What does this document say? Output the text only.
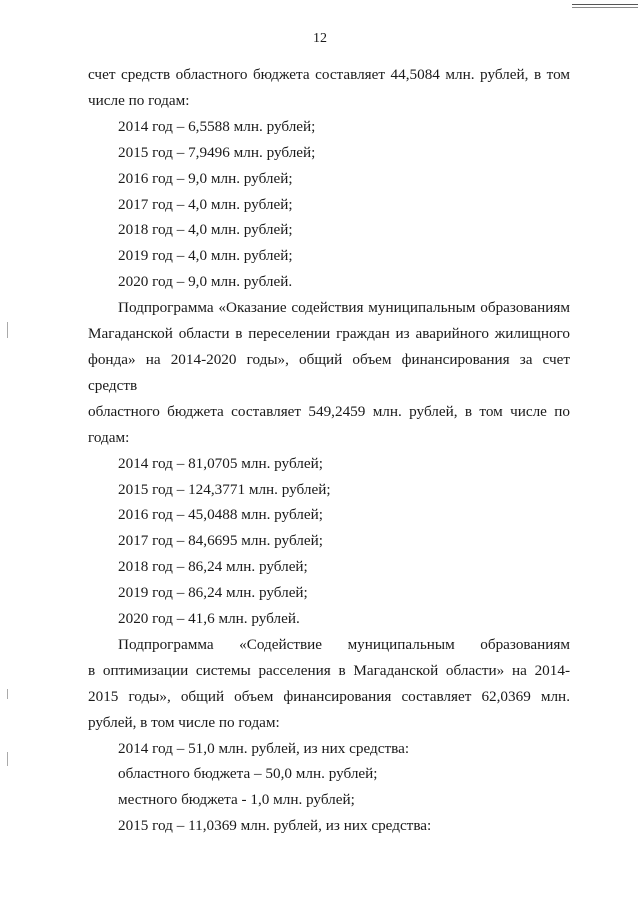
12
счет средств областного бюджета составляет 44,5084 млн. рублей, в том
числе по годам:
2014 год – 6,5588 млн. рублей;
2015 год – 7,9496 млн. рублей;
2016 год – 9,0 млн. рублей;
2017 год – 4,0 млн. рублей;
2018 год – 4,0 млн. рублей;
2019 год – 4,0 млн. рублей;
2020 год – 9,0 млн. рублей.
Подпрограмма «Оказание содействия муниципальным образованиям
Магаданской области в переселении граждан из аварийного жилищного
фонда» на 2014-2020 годы», общий объем финансирования за счет средств
областного бюджета составляет 549,2459 млн. рублей, в том числе по
годам:
2014 год – 81,0705 млн. рублей;
2015 год – 124,3771 млн. рублей;
2016 год – 45,0488 млн. рублей;
2017 год – 84,6695 млн. рублей;
2018 год – 86,24 млн. рублей;
2019 год – 86,24 млн. рублей;
2020 год – 41,6 млн. рублей.
Подпрограмма «Содействие муниципальным образованиям
в оптимизации системы расселения в Магаданской области» на 2014-
2015 годы», общий объем финансирования составляет 62,0369 млн.
рублей, в том числе по годам:
2014 год – 51,0 млн. рублей, из них средства:
областного бюджета – 50,0 млн. рублей;
местного бюджета - 1,0 млн. рублей;
2015 год – 11,0369 млн. рублей, из них средства:
